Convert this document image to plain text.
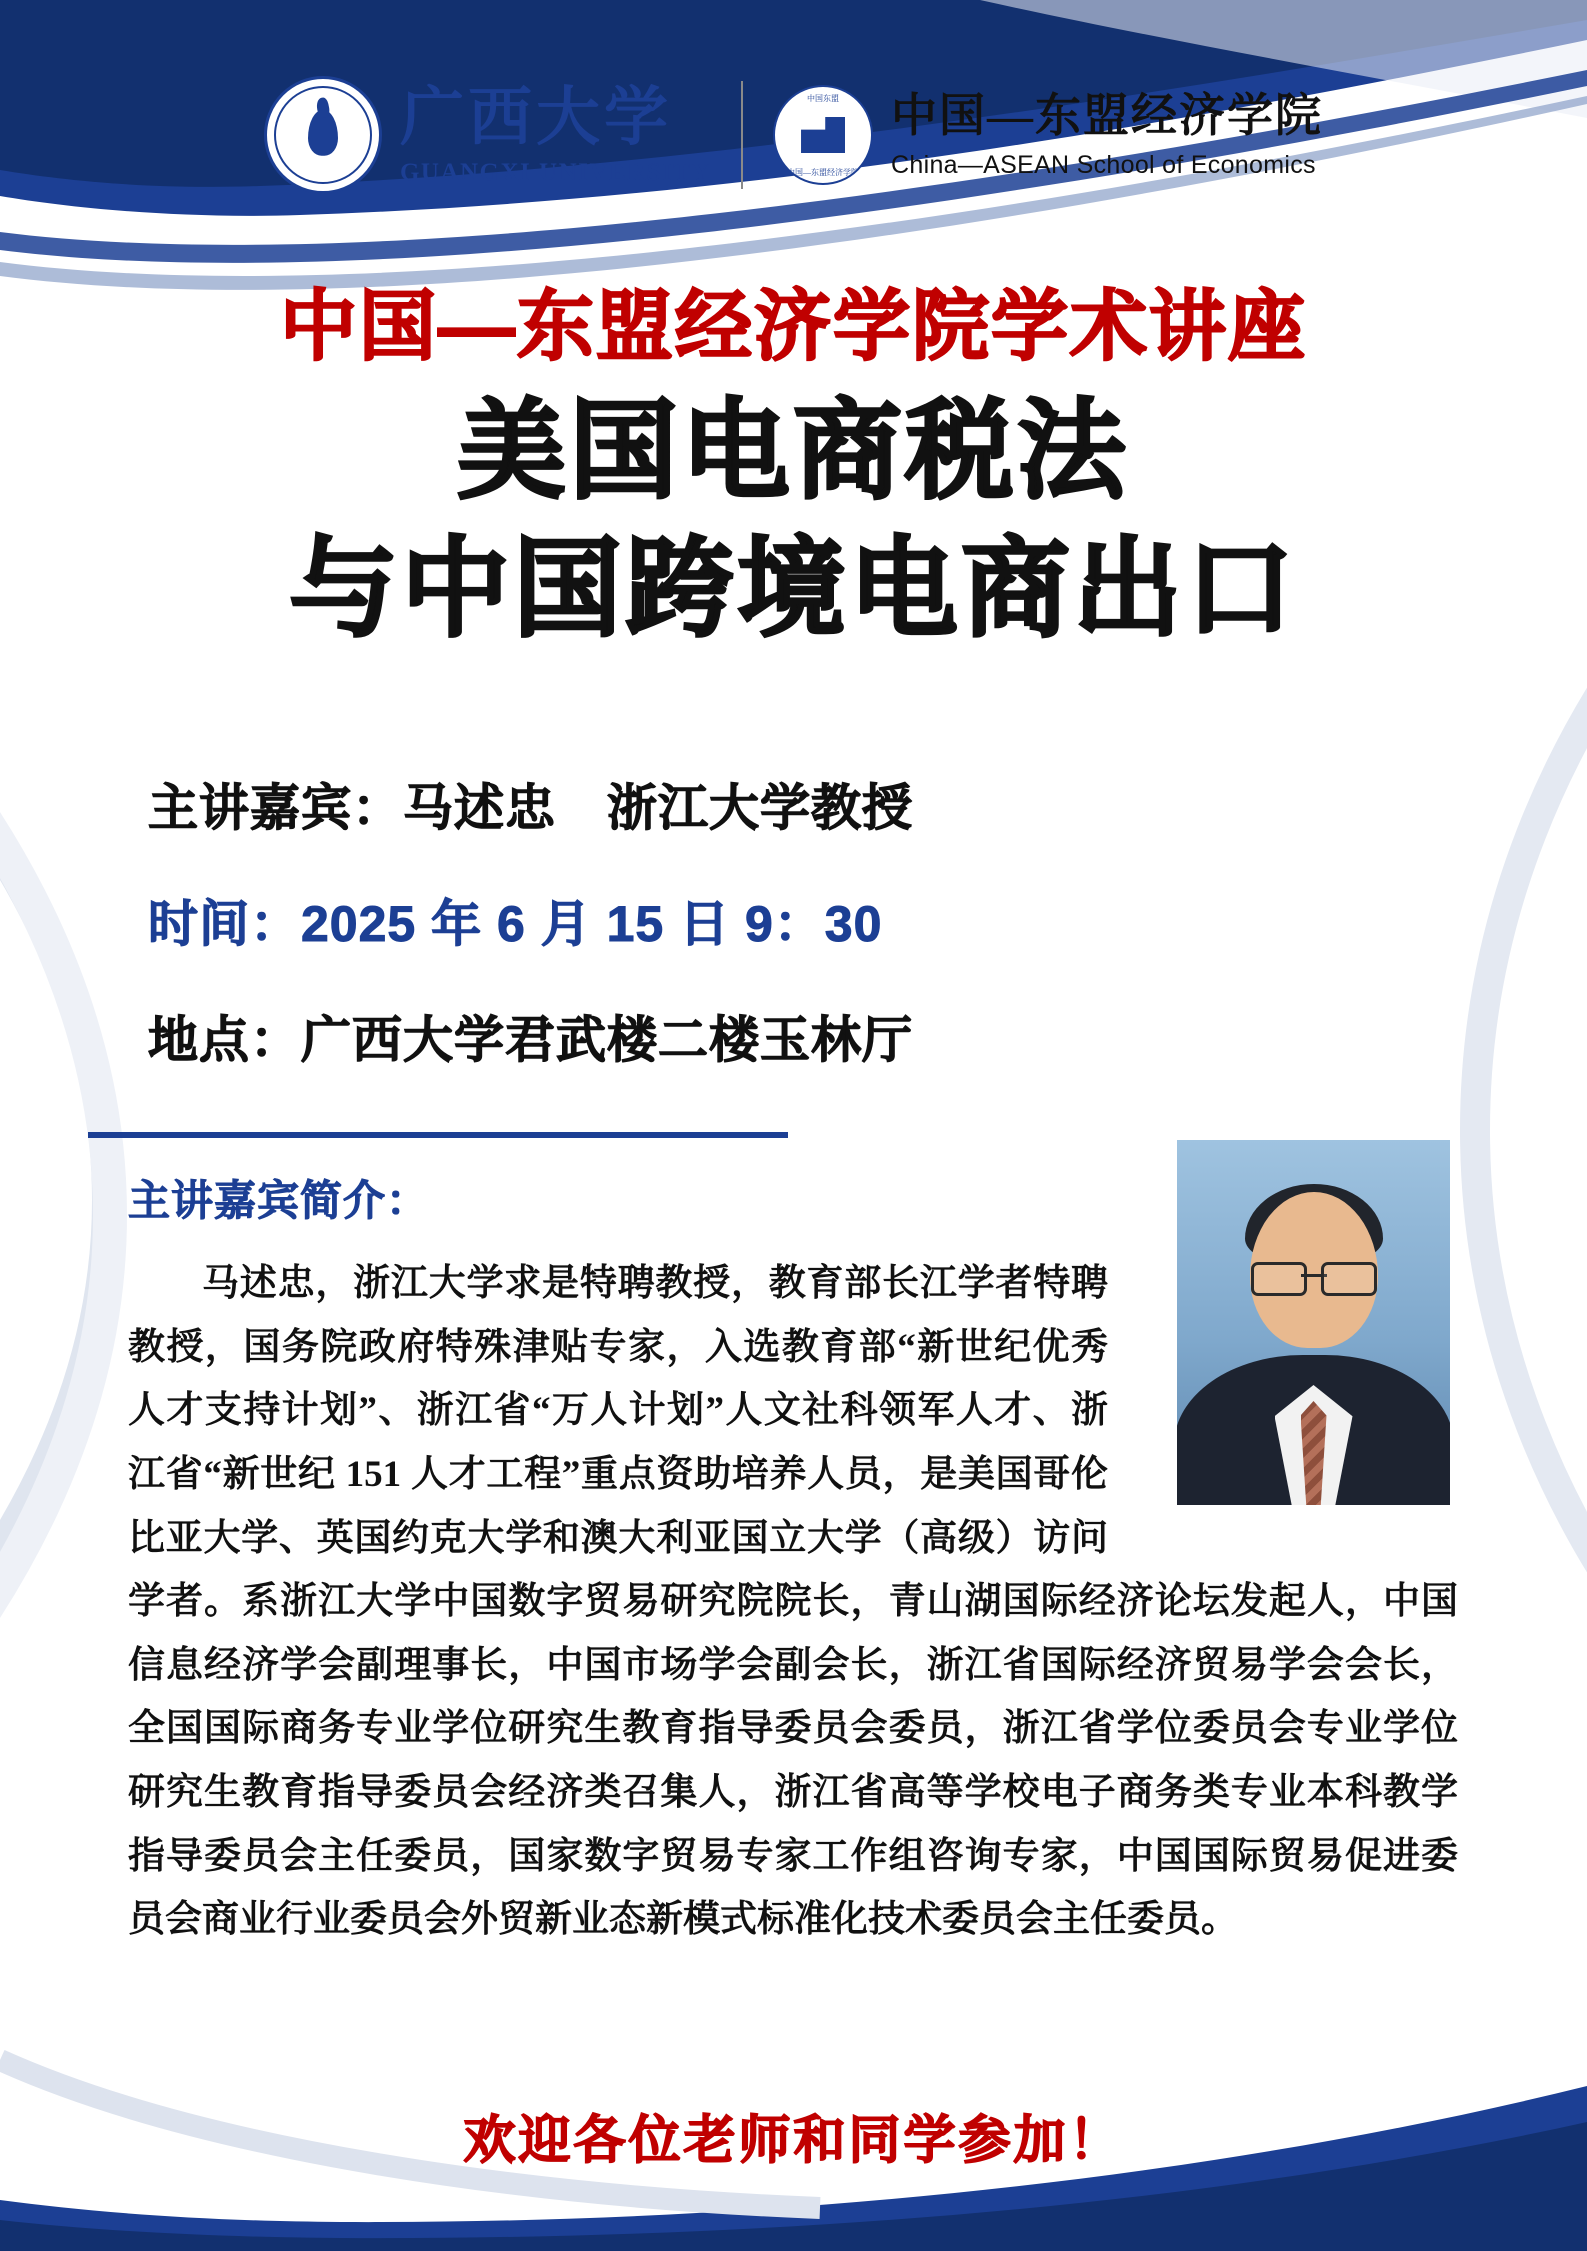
广西大学
GUANGXI UNIVERSITY
中国东盟
中国—东盟经济学院
中国—东盟经济学院
China—ASEAN School of Economics
中国—东盟经济学院学术讲座
美国电商税法
与中国跨境电商出口
主讲嘉宾：马述忠　浙江大学教授
时间：2025 年 6 月 15 日 9：30
地点：广西大学君武楼二楼玉林厅
主讲嘉宾简介：

马述忠，浙江大学求是特聘教授，教育部长江学者特聘教授，国务院政府特殊津贴专家，入选教育部“新世纪优秀人才支持计划”、浙江省“万人计划”人文社科领军人才、浙江省“新世纪 151 人才工程”重点资助培养人员，是美国哥伦比亚大学、英国约克大学和澳大利亚国立大学（高级）访问学者。系浙江大学中国数字贸易研究院院长，青山湖国际经济论坛发起人，中国信息经济学会副理事长，中国市场学会副会长，浙江省国际经济贸易学会会长，全国国际商务专业学位研究生教育指导委员会委员，浙江省学位委员会专业学位研究生教育指导委员会经济类召集人，浙江省高等学校电子商务类专业本科教学指导委员会主任委员，国家数字贸易专家工作组咨询专家，中国国际贸易促进委员会商业行业委员会外贸新业态新模式标准化技术委员会主任委员。

欢迎各位老师和同学参加！
